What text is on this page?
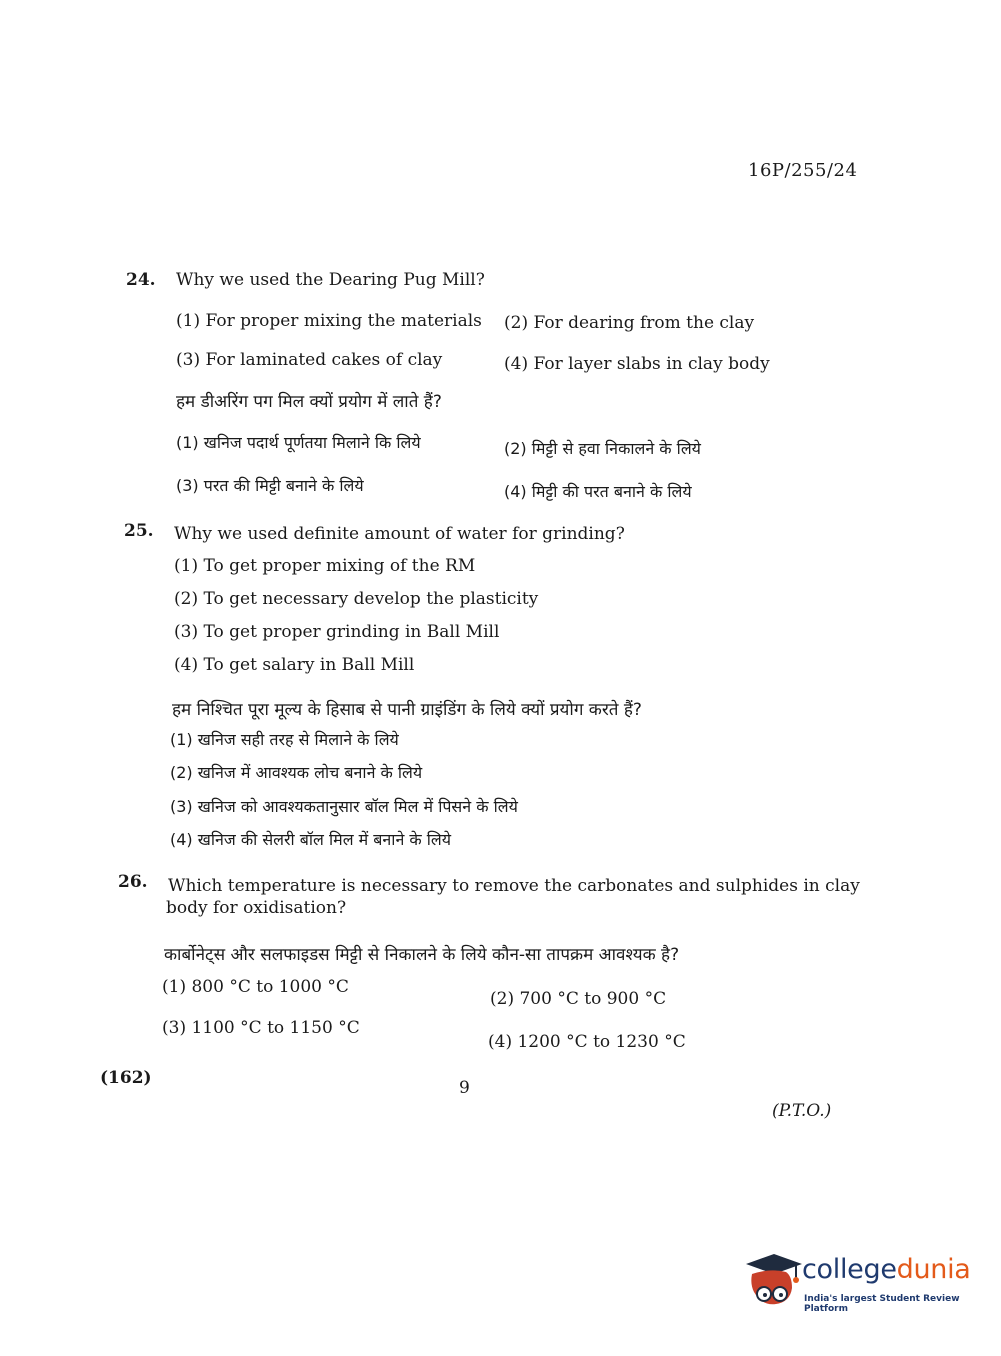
16P/255/24
24. Why we used the Dearing Pug Mill?
(1) For proper mixing the materials (2) For dearing from the clay
(3) For laminated cakes of clay	(4) For layer slabs in clay body
हम डीअरिंग पग मिल क्यों प्रयोग में लाते हैं?
(1) खनिज पदार्थ पूर्णतया मिलाने कि लिये	(2) मिट्टी से हवा निकालने के लिये
(3) परत की मिट्टी बनाने के लिये	(4) मिट्टी की परत बनाने के लिये
25. Why we used definite amount of water for grinding?
(1) To get proper mixing of the RM
(2) To get necessary develop the plasticity
(3) To get proper grinding in Ball Mill
(4) To get salary in Ball Mill
हम निश्चित पूरा मूल्य के हिसाब से पानी ग्राइंडिंग के लिये क्यों प्रयोग करते हैं?
(1) खनिज सही तरह से मिलाने के लिये
(2) खनिज में आवश्यक लोच बनाने के लिये
(3) खनिज को आवश्यकतानुसार बॉल मिल में पिसने के लिये
(4) खनिज की सेलरी बॉल मिल में बनाने के लिये
26. Which temperature is necessary to remove the carbonates and sulphides in clay
body for oxidisation?
कार्बोनेट्स और सलफाइडस मिट्टी से निकालने के लिये कौन-सा तापक्रम आवश्यक है?
(1) 800 °C to 1000 °C
(2) 700 °C to 900 °C
(3) 1100 °C to 1150 °C
(4) 1200 °C to 1230 °C
(162)	9
(P.T.O.)
collegedunia
India's largest Student Review Platform
